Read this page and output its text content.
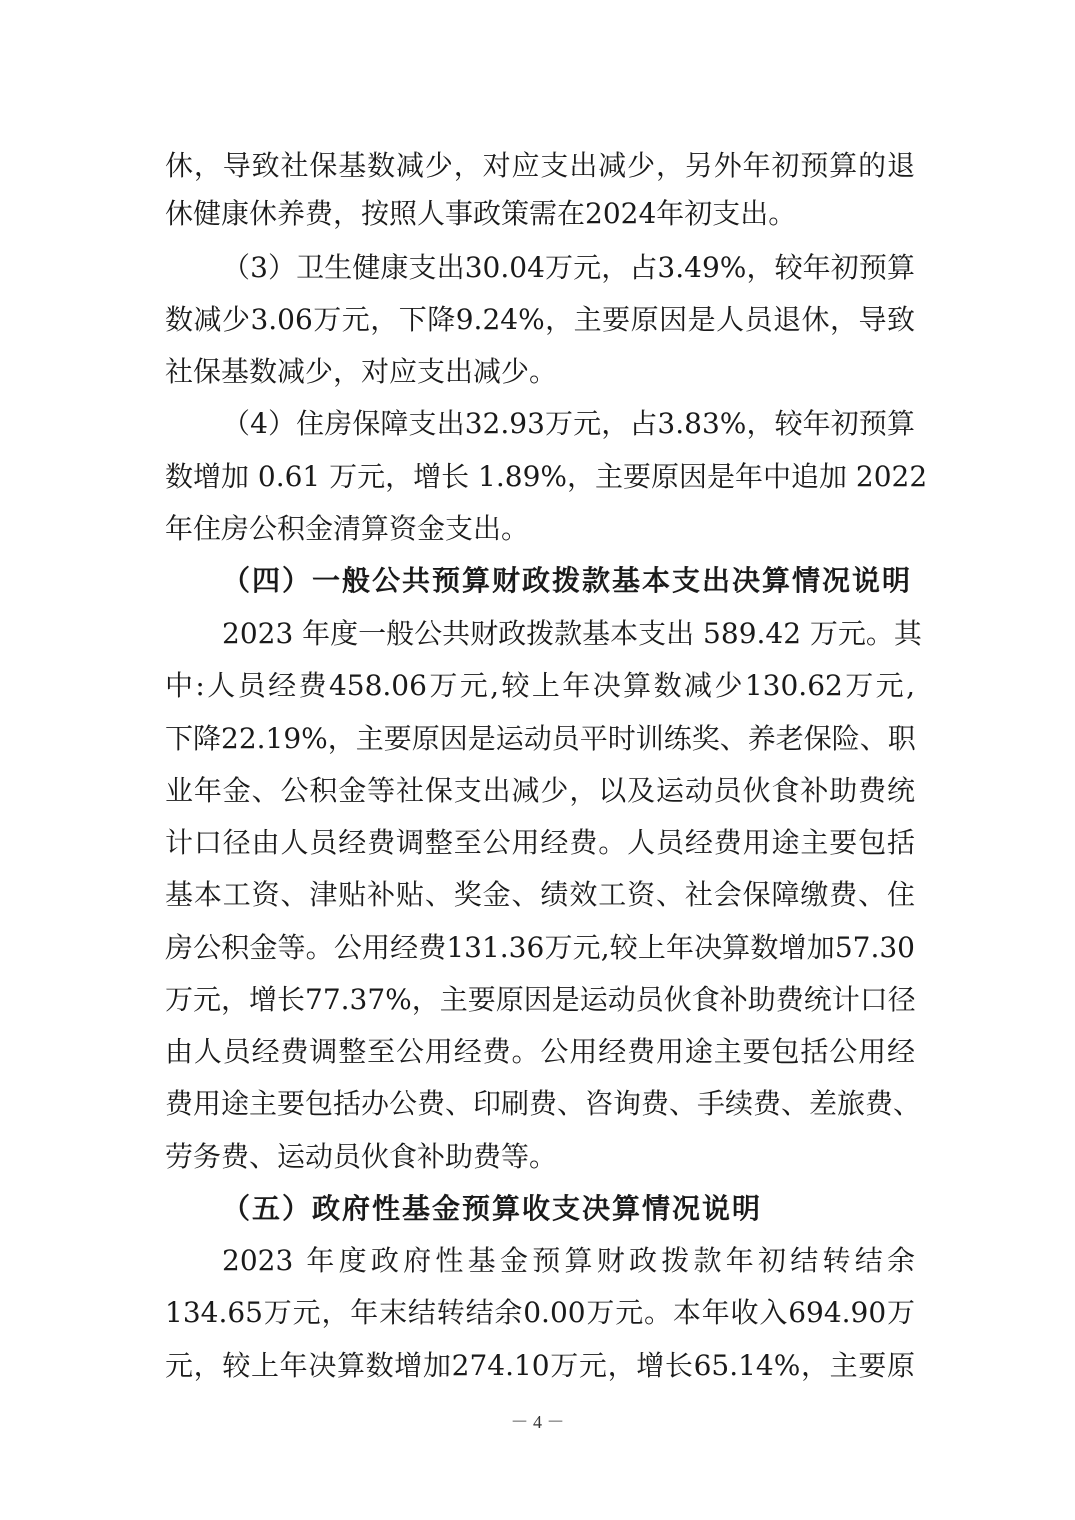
休，导致社保基数减少，对应支出减少，另外年初预算的退
休健康休养费，按照人事政策需在2024年初支出。
（3）卫生健康支出30.04万元，占3.49%，较年初预算
数减少3.06万元，下降9.24%，主要原因是人员退休，导致
社保基数减少，对应支出减少。
（4）住房保障支出32.93万元，占3.83%，较年初预算
数增加 0.61 万元，增长 1.89%，主要原因是年中追加 2022
年住房公积金清算资金支出。
（四）一般公共预算财政拨款基本支出决算情况说明
2023 年度一般公共财政拨款基本支出 589.42 万元。其
中:人员经费458.06万元,较上年决算数减少130.62万元,
下降22.19%，主要原因是运动员平时训练奖、养老保险、职
业年金、公积金等社保支出减少，以及运动员伙食补助费统
计口径由人员经费调整至公用经费。人员经费用途主要包括
基本工资、津贴补贴、奖金、绩效工资、社会保障缴费、住
房公积金等。公用经费131.36万元,较上年决算数增加57.30
万元，增长77.37%，主要原因是运动员伙食补助费统计口径
由人员经费调整至公用经费。公用经费用途主要包括公用经
费用途主要包括办公费、印刷费、咨询费、手续费、差旅费、
劳务费、运动员伙食补助费等。
（五）政府性基金预算收支决算情况说明
2023 年度政府性基金预算财政拨款年初结转结余
134.65万元，年末结转结余0.00万元。本年收入694.90万
元，较上年决算数增加274.10万元，增长65.14%，主要原
－ 4 －
